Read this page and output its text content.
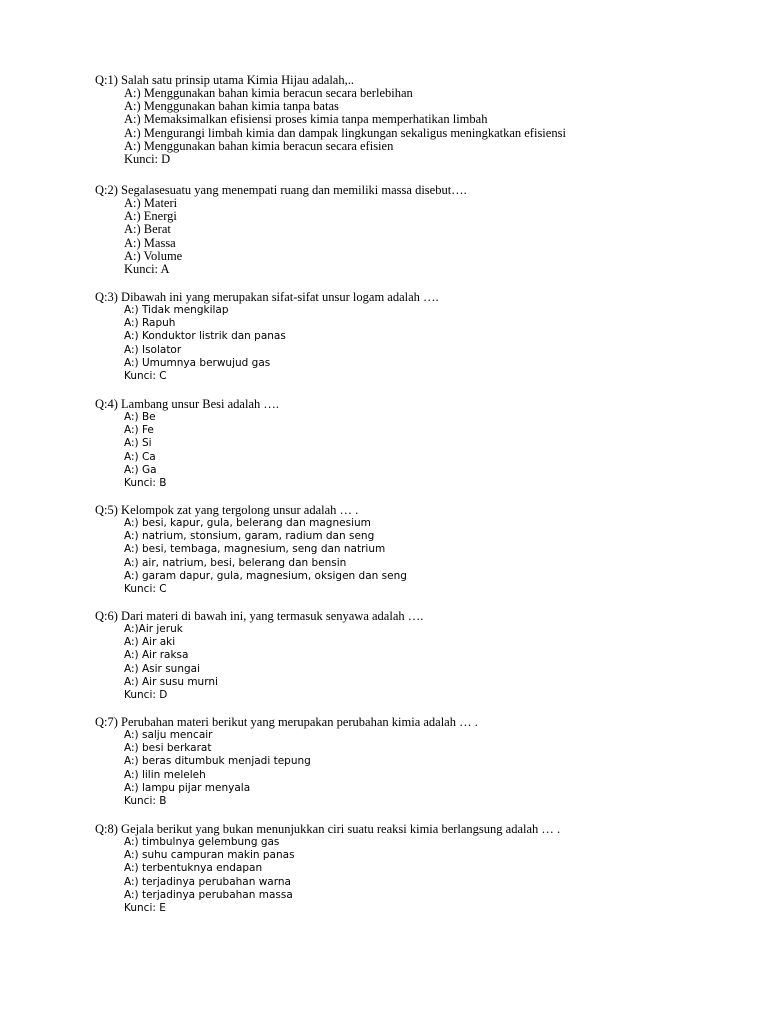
Q:1) Salah satu prinsip utama Kimia Hijau adalah,..
A:) Menggunakan bahan kimia beracun secara berlebihan
A:) Menggunakan bahan kimia tanpa batas
A:) Memaksimalkan efisiensi proses kimia tanpa memperhatikan limbah
A:) Mengurangi limbah kimia dan dampak lingkungan sekaligus meningkatkan efisiensi
A:) Menggunakan bahan kimia beracun secara efisien
Kunci: D
Q:2) Segalasesuatu yang menempati ruang dan memiliki massa disebut….
A:) Materi
A:) Energi
A:) Berat
A:) Massa
A:) Volume
Kunci: A
Q:3) Dibawah ini yang merupakan sifat-sifat unsur logam adalah ….
A:) Tidak mengkilap
A:) Rapuh
A:) Konduktor listrik dan panas
A:) Isolator
A:) Umumnya berwujud gas
Kunci: C
Q:4) Lambang unsur Besi adalah ….
A:) Be
A:) Fe
A:) Si
A:) Ca
A:) Ga
Kunci: B
Q:5) Kelompok zat yang tergolong unsur adalah … .
A:) besi, kapur, gula, belerang dan magnesium
A:) natrium, stonsium, garam, radium dan seng
A:) besi, tembaga, magnesium, seng dan natrium
A:) air, natrium, besi, belerang dan bensin
A:) garam dapur, gula, magnesium, oksigen dan seng
Kunci: C
Q:6) Dari materi di bawah ini, yang termasuk senyawa adalah ….
A:)Air jeruk
A:) Air aki
A:) Air raksa
A:) Asir sungai
A:) Air susu murni
Kunci: D
Q:7) Perubahan materi berikut yang merupakan perubahan kimia adalah … .
A:) salju mencair
A:) besi berkarat
A:) beras ditumbuk menjadi tepung
A:) lilin meleleh
A:) lampu pijar menyala
Kunci: B
Q:8) Gejala berikut yang bukan menunjukkan ciri suatu reaksi kimia berlangsung adalah … .
A:) timbulnya gelembung gas
A:) suhu campuran makin panas
A:) terbentuknya endapan
A:) terjadinya perubahan warna
A:) terjadinya perubahan massa
Kunci: E
